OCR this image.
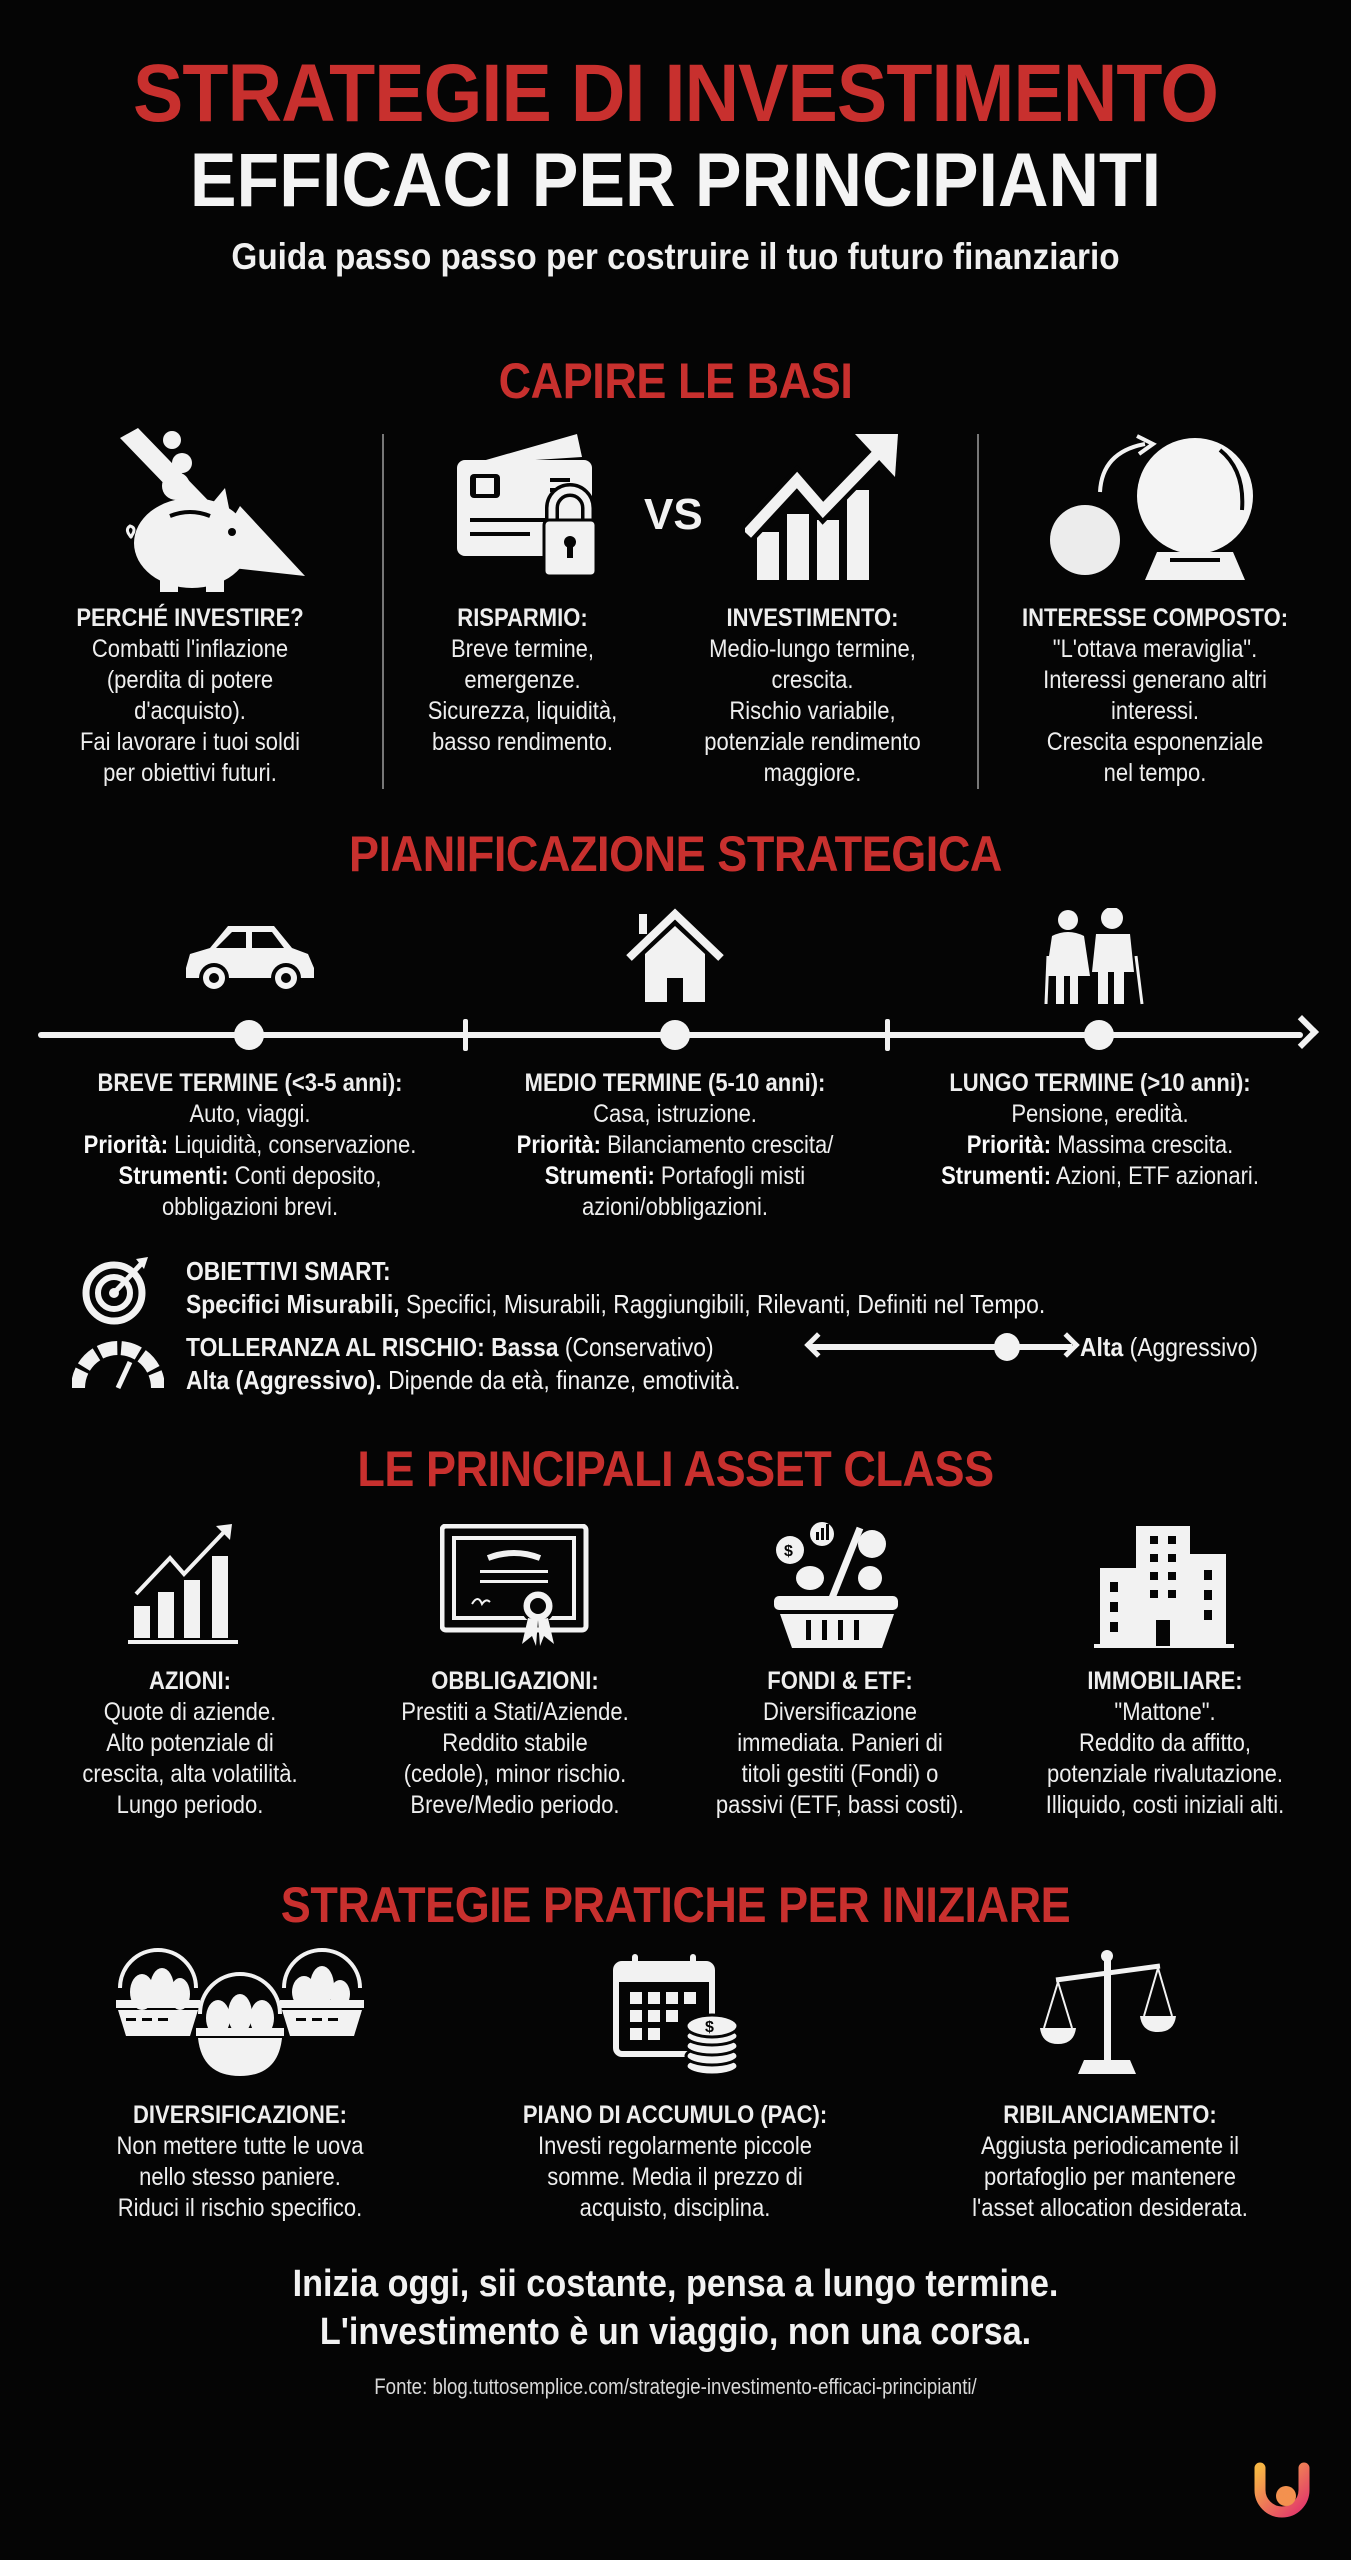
STRATEGIE DI INVESTIMENTO
EFFICACI PER PRINCIPIANTI
Guida passo passo per costruire il tuo futuro finanziario
CAPIRE LE BASI
VS
PERCHÉ INVESTIRE?
Combatti l'inflazione
(perdita di potere
d'acquisto).
Fai lavorare i tuoi soldi
per obiettivi futuri.
RISPARMIO:
Breve termine,
emergenze.
Sicurezza, liquidità,
basso rendimento.
INVESTIMENTO:
Medio-lungo termine,
crescita.
Rischio variabile,
potenziale rendimento
maggiore.
INTERESSE COMPOSTO:
"L'ottava meraviglia".
Interessi generano altri
interessi.
Crescita esponenziale
nel tempo.
PIANIFICAZIONE STRATEGICA
BREVE TERMINE (<3-5 anni):
Auto, viaggi.
Priorità: Liquidità, conservazione.
Strumenti: Conti deposito,
obbligazioni brevi.
MEDIO TERMINE (5-10 anni):
Casa, istruzione.
Priorità: Bilanciamento crescita/
Strumenti: Portafogli misti
azioni/obbligazioni.
LUNGO TERMINE (>10 anni):
Pensione, eredità.
Priorità: Massima crescita.
Strumenti: Azioni, ETF azionari.
OBIETTIVI SMART:
Specifici Misurabili, Specifici, Misurabili, Raggiungibili, Rilevanti, Definiti nel Tempo.
TOLLERANZA AL RISCHIO: Bassa (Conservativo)	Alta (Aggressivo)
Alta (Aggressivo). Dipende da età, finanze, emotività.
LE PRINCIPALI ASSET CLASS
$
AZIONI:
Quote di aziende.
Alto potenziale di
crescita, alta volatilità.
Lungo periodo.
OBBLIGAZIONI:
Prestiti a Stati/Aziende.
Reddito stabile
(cedole), minor rischio.
Breve/Medio periodo.
FONDI & ETF:
Diversificazione
immediata. Panieri di
titoli gestiti (Fondi) o
passivi (ETF, bassi costi).
IMMOBILIARE:
"Mattone".
Reddito da affitto,
potenziale rivalutazione.
Illiquido, costi iniziali alti.
STRATEGIE PRATICHE PER INIZIARE
$
DIVERSIFICAZIONE:
Non mettere tutte le uova
nello stesso paniere.
Riduci il rischio specifico.
PIANO DI ACCUMULO (PAC):
Investi regolarmente piccole
somme. Media il prezzo di
acquisto, disciplina.
RIBILANCIAMENTO:
Aggiusta periodicamente il
portafoglio per mantenere
l'asset allocation desiderata.
Inizia oggi, sii costante, pensa a lungo termine.
L'investimento è un viaggio, non una corsa.
Fonte: blog.tuttosemplice.com/strategie-investimento-efficaci-principianti/
